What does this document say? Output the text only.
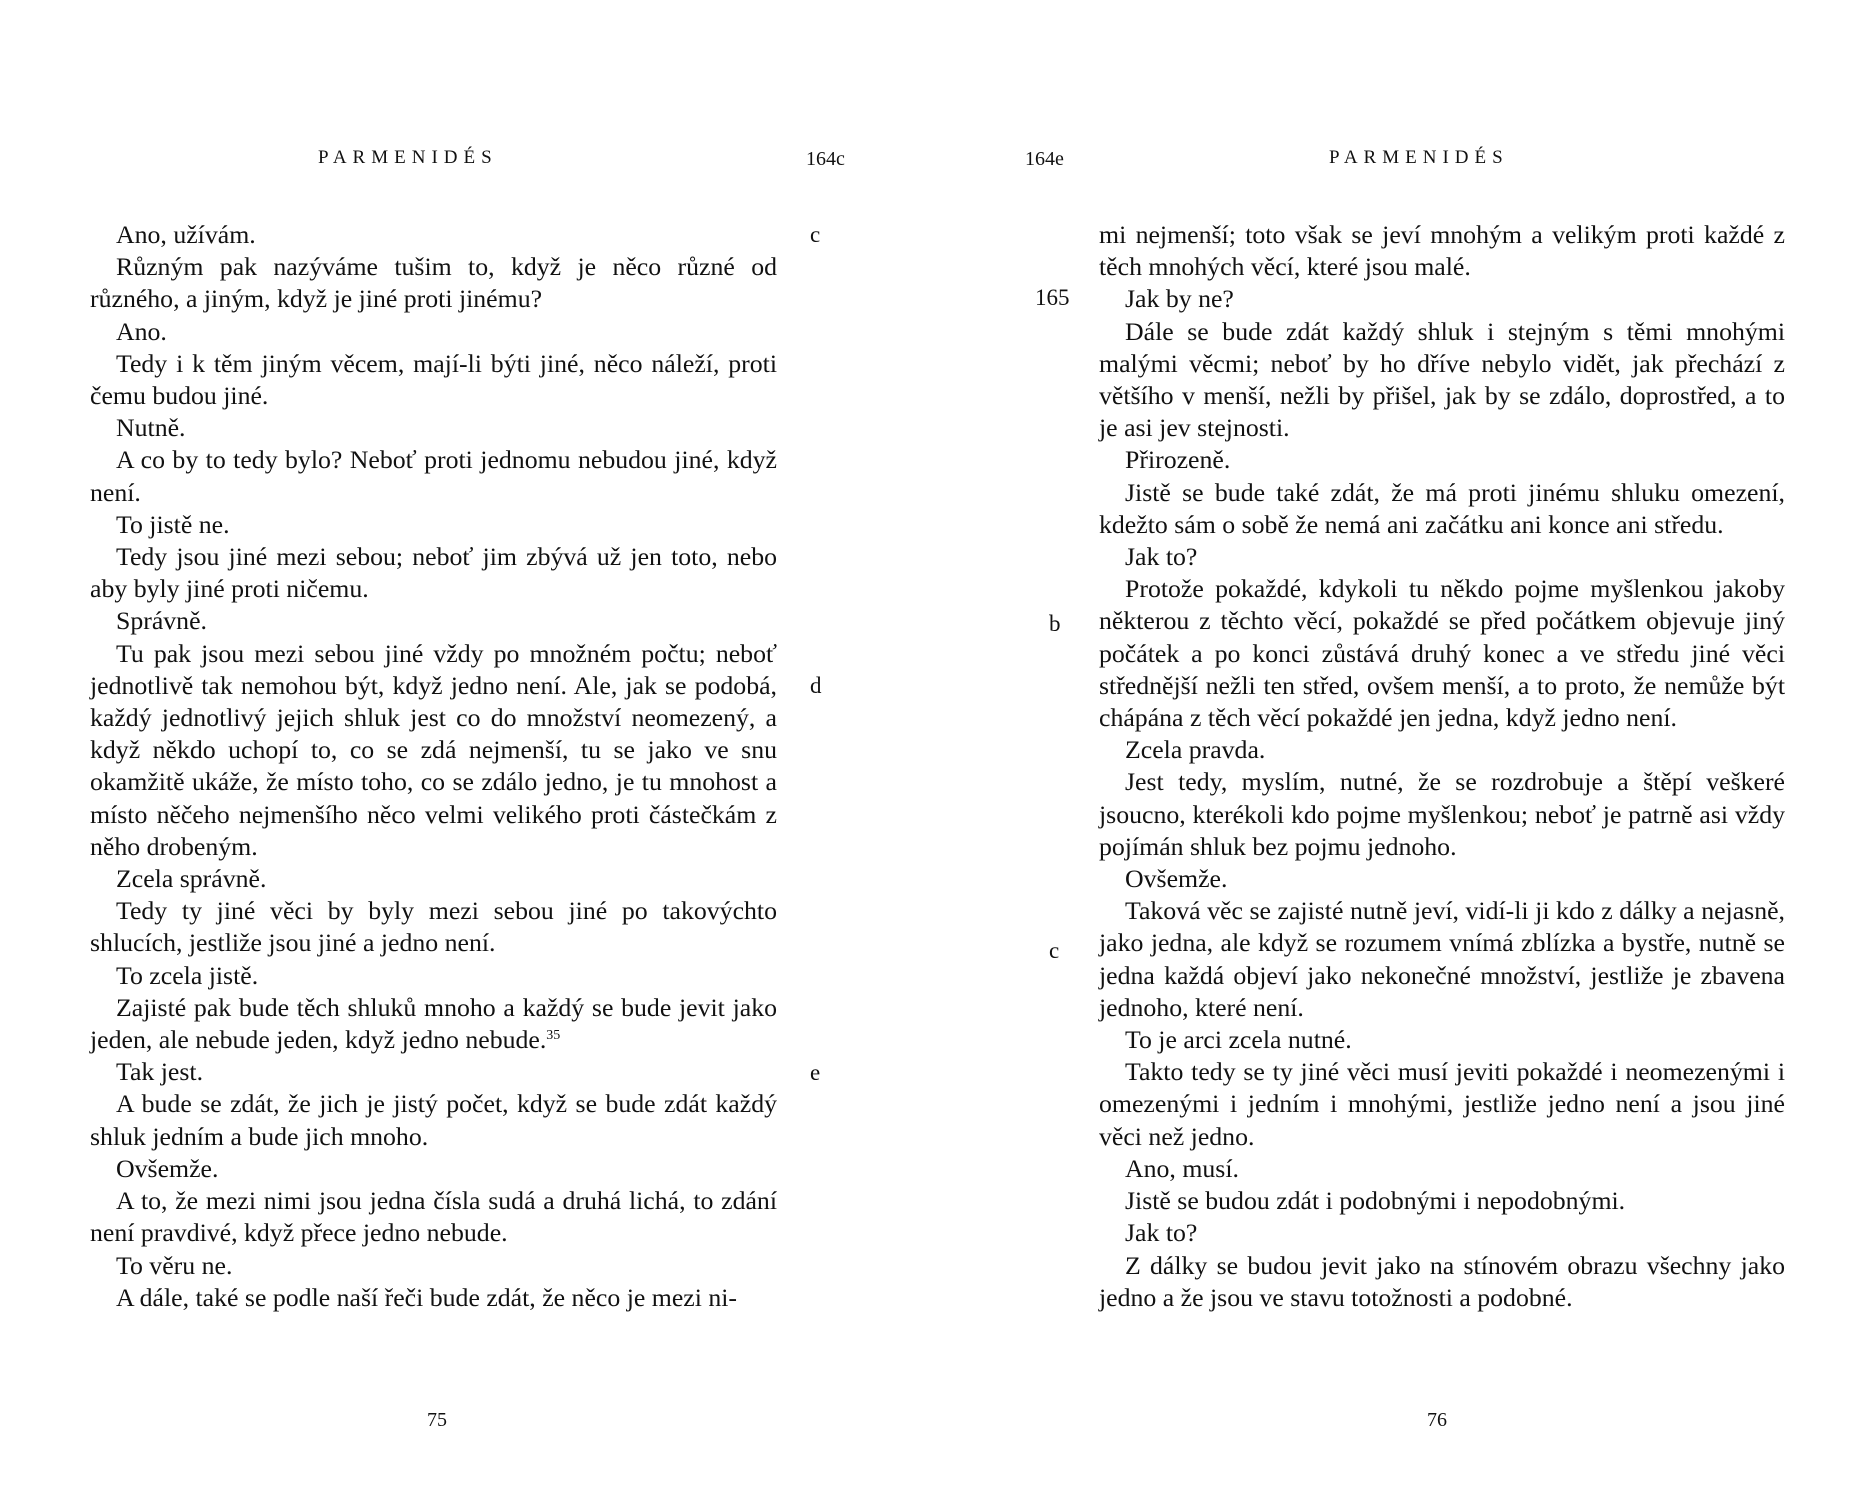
PARMENIDÉS	164c
c
d
e

Ano, užívám.

Různým pak nazýváme tušim to, když je něco různé od různého, a jiným, když je jiné proti jinému?

Ano.

Tedy i k těm jiným věcem, mají-li býti jiné, něco náleží, proti čemu budou jiné.

Nutně.

A co by to tedy bylo? Neboť proti jednomu nebudou jiné, když není.

To jistě ne.

Tedy jsou jiné mezi sebou; neboť jim zbývá už jen toto, nebo aby byly jiné proti ničemu.

Správně.

Tu pak jsou mezi sebou jiné vždy po množném počtu; neboť jednotlivě tak nemohou být, když jedno není. Ale, jak se podobá, každý jednotlivý jejich shluk jest co do množství neomezený, a když někdo uchopí to, co se zdá nejmenší, tu se jako ve snu okamžitě ukáže, že místo toho, co se zdálo jedno, je tu mnohost a místo něčeho nejmenšího něco velmi velikého proti částečkám z něho drobeným.

Zcela správně.

Tedy ty jiné věci by byly mezi sebou jiné po takovýchto shlucích, jestliže jsou jiné a jedno není.

To zcela jistě.

Zajisté pak bude těch shluků mnoho a každý se bude jevit jako jeden, ale nebude jeden, když jedno nebude.$^{35}$

Tak jest.

A bude se zdát, že jich je jistý počet, když se bude zdát každý shluk jedním a bude jich mnoho.

Ovšemže.

A to, že mezi nimi jsou jedna čísla sudá a druhá lichá, to zdání není pravdivé, když přece jedno nebude.

To věru ne.

A dále, také se podle naší řeči bude zdát, že něco je mezi ni-

75
164e	PARMENIDÉS
165
b
c

mi nejmenší; toto však se jeví mnohým a velikým proti každé z těch mnohých věcí, které jsou malé.

Jak by ne?

Dále se bude zdát každý shluk i stejným s těmi mnohými malými věcmi; neboť by ho dříve nebylo vidět, jak přechází z většího v menší, nežli by přišel, jak by se zdálo, doprostřed, a to je asi jev stejnosti.

Přirozeně.

Jistě se bude také zdát, že má proti jinému shluku omezení, kdežto sám o sobě že nemá ani začátku ani konce ani středu.

Jak to?

Protože pokaždé, kdykoli tu někdo pojme myšlenkou jakoby některou z těchto věcí, pokaždé se před počátkem objevuje jiný počátek a po konci zůstává druhý konec a ve středu jiné věci střednější nežli ten střed, ovšem menší, a to proto, že nemůže být chápána z těch věcí pokaždé jen jedna, když jedno není.

Zcela pravda.

Jest tedy, myslím, nutné, že se rozdrobuje a štěpí veškeré jsoucno, kterékoli kdo pojme myšlenkou; neboť je patrně asi vždy pojímán shluk bez pojmu jednoho.

Ovšemže.

Taková věc se zajisté nutně jeví, vidí-li ji kdo z dálky a nejasně, jako jedna, ale když se rozumem vnímá zblízka a bystře, nutně se jedna každá objeví jako nekonečné množství, jestliže je zbavena jednoho, které není.

To je arci zcela nutné.

Takto tedy se ty jiné věci musí jeviti pokaždé i neomezenými i omezenými i jedním i mnohými, jestliže jedno není a jsou jiné věci než jedno.

Ano, musí.

Jistě se budou zdát i podobnými i nepodobnými.

Jak to?

Z dálky se budou jevit jako na stínovém obrazu všechny jako jedno a že jsou ve stavu totožnosti a podobné.

76
